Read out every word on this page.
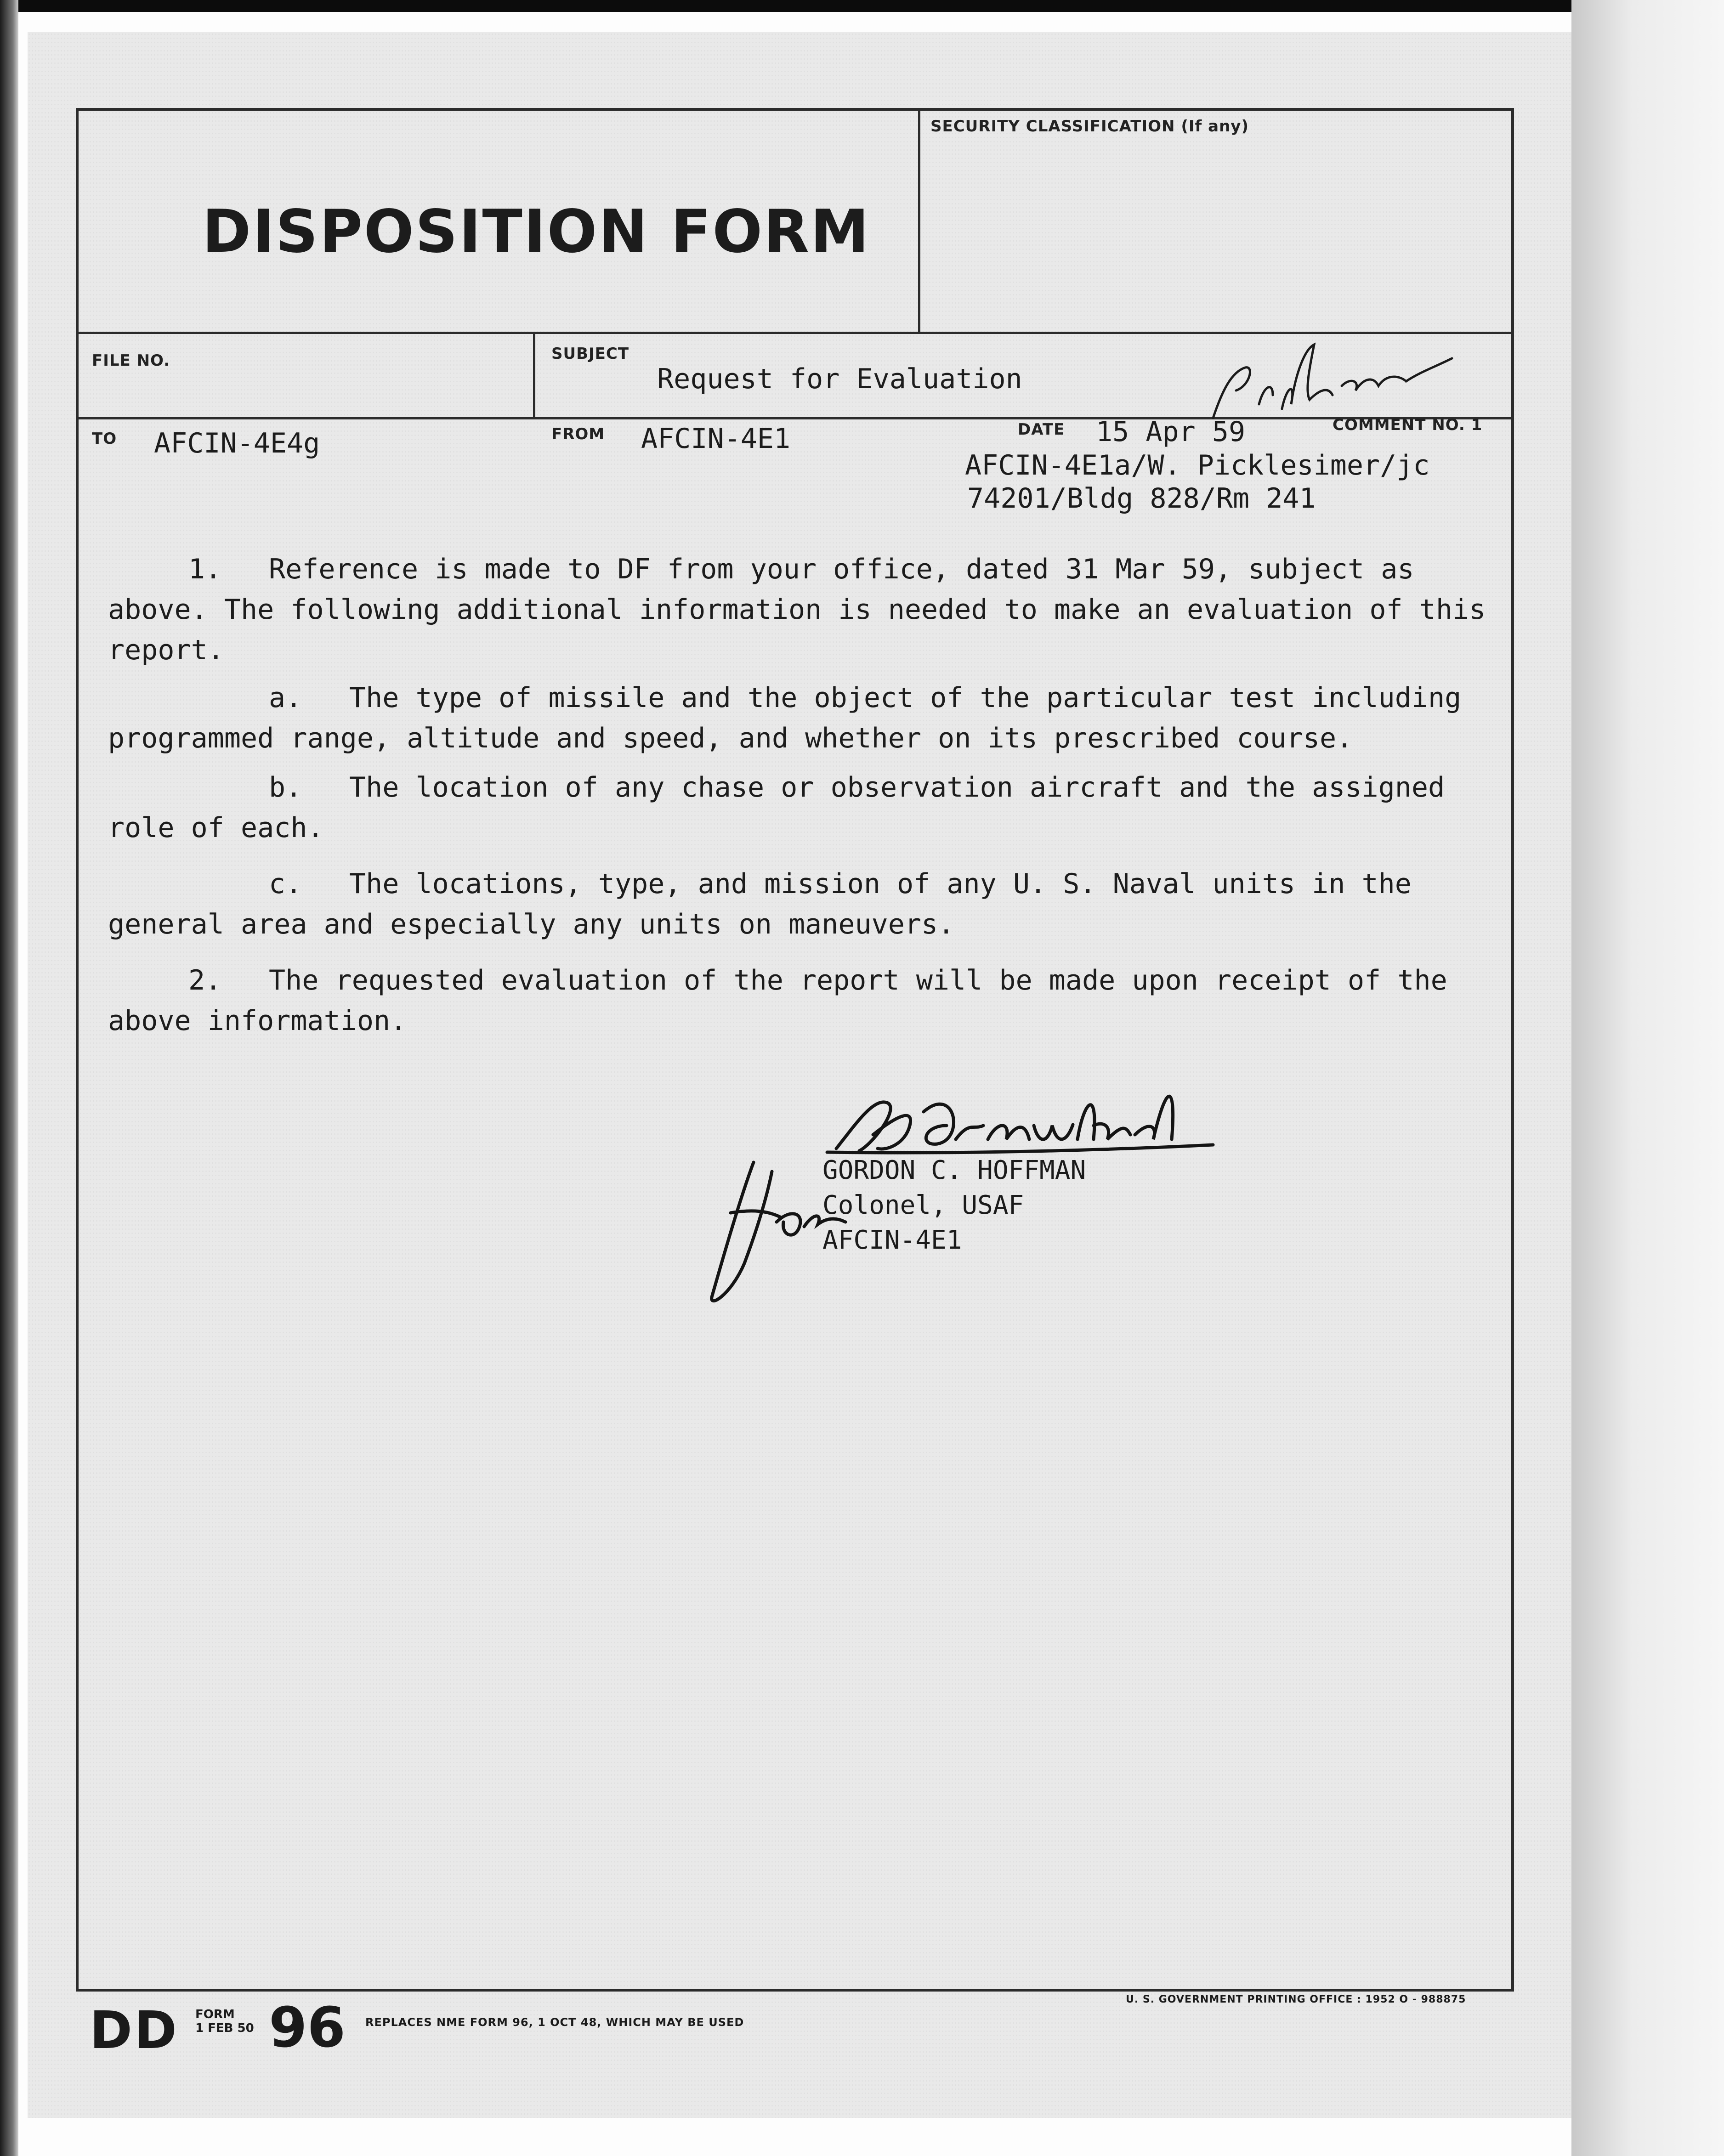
DISPOSITION FORM
SECURITY CLASSIFICATION (If any)
FILE NO.	SUBJECT
Request for Evaluation
TO AFCIN-4E4g	FROM AFCIN-4E1	DATE 15 Apr 59	COMMENT NO. 1
AFCIN-4E1a/W. Picklesimer/jc
74201/Bldg 828/Rm 241
1. Reference is made to DF from your office, dated 31 Mar 59, subject as above. The following additional information is needed to make an evaluation of this report.
a. The type of missile and the object of the particular test including programmed range, altitude and speed, and whether on its prescribed course.
b. The location of any chase or observation aircraft and the assigned role of each.
c. The locations, type, and mission of any U. S. Naval units in the general area and especially any units on maneuvers.
2. The requested evaluation of the report will be made upon receipt of the above information.
GORDON C. HOFFMAN
Colonel, USAF
AFCIN-4E1
DD FORM
1 FEB 50 96 REPLACES NME FORM 96, 1 OCT 48, WHICH MAY BE USED
U. S. GOVERNMENT PRINTING OFFICE : 1952 O - 988875
